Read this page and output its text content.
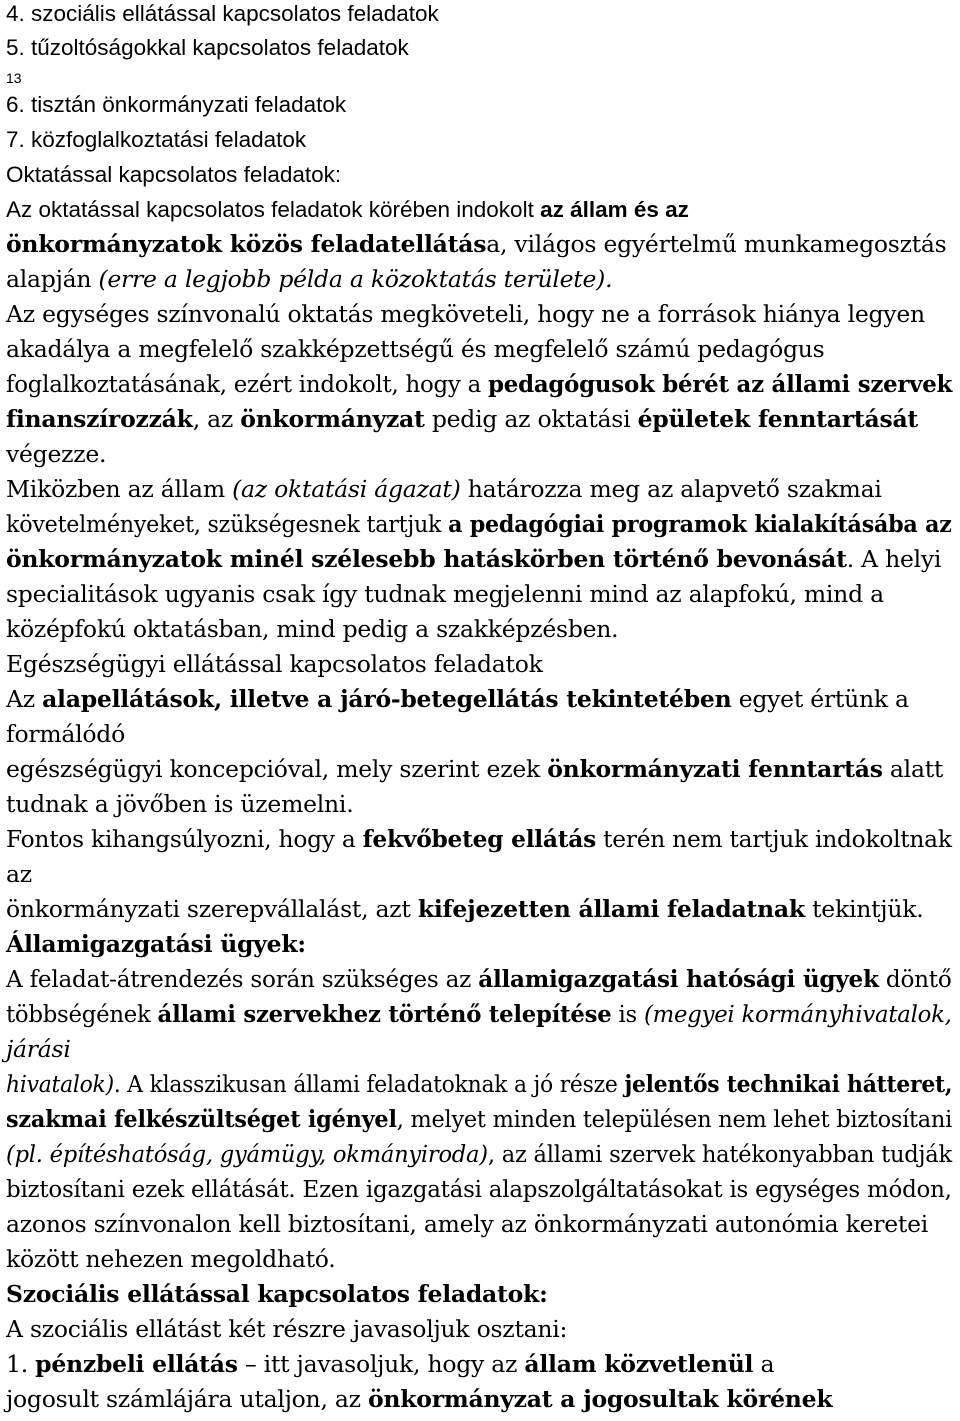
4. szociális ellátással kapcsolatos feladatok
5. tűzoltóságokkal kapcsolatos feladatok
13
6. tisztán önkormányzati feladatok
7. közfoglalkoztatási feladatok
Oktatással kapcsolatos feladatok:
Az oktatással kapcsolatos feladatok körében indokolt az állam és az
önkormányzatok közös feladatellátása, világos egyértelmű munkamegosztás
alapján (erre a legjobb példa a közoktatás területe).
Az egységes színvonalú oktatás megköveteli, hogy ne a források hiánya legyen
akadálya a megfelelő szakképzettségű és megfelelő számú pedagógus
foglalkoztatásának, ezért indokolt, hogy a pedagógusok bérét az állami szervek
finanszírozzák, az önkormányzat pedig az oktatási épületek fenntartását
végezze.
Miközben az állam (az oktatási ágazat) határozza meg az alapvető szakmai
követelményeket, szükségesnek tartjuk a pedagógiai programok kialakításába az
önkormányzatok minél szélesebb hatáskörben történő bevonását. A helyi
specialitások ugyanis csak így tudnak megjelenni mind az alapfokú, mind a
középfokú oktatásban, mind pedig a szakképzésben.
Egészségügyi ellátással kapcsolatos feladatok
Az alapellátások, illetve a járó-betegellátás tekintetében egyet értünk a
formálódó
egészségügyi koncepcióval, mely szerint ezek önkormányzati fenntartás alatt
tudnak a jövőben is üzemelni.
Fontos kihangsúlyozni, hogy a fekvőbeteg ellátás terén nem tartjuk indokoltnak
az
önkormányzati szerepvállalást, azt kifejezetten állami feladatnak tekintjük.
Államigazgatási ügyek:
A feladat-átrendezés során szükséges az államigazgatási hatósági ügyek döntő
többségének állami szervekhez történő telepítése is (megyei kormányhivatalok,
járási
hivatalok). A klasszikusan állami feladatoknak a jó része jelentős technikai hátteret,
szakmai felkészültséget igényel, melyet minden településen nem lehet biztosítani
(pl. építéshatóság, gyámügy, okmányiroda), az állami szervek hatékonyabban tudják
biztosítani ezek ellátását. Ezen igazgatási alapszolgáltatásokat is egységes módon,
azonos színvonalon kell biztosítani, amely az önkormányzati autonómia keretei
között nehezen megoldható.
Szociális ellátással kapcsolatos feladatok:
A szociális ellátást két részre javasoljuk osztani:
1. pénzbeli ellátás – itt javasoljuk, hogy az állam közvetlenül a
jogosult számlájára utaljon, az önkormányzat a jogosultak körének
